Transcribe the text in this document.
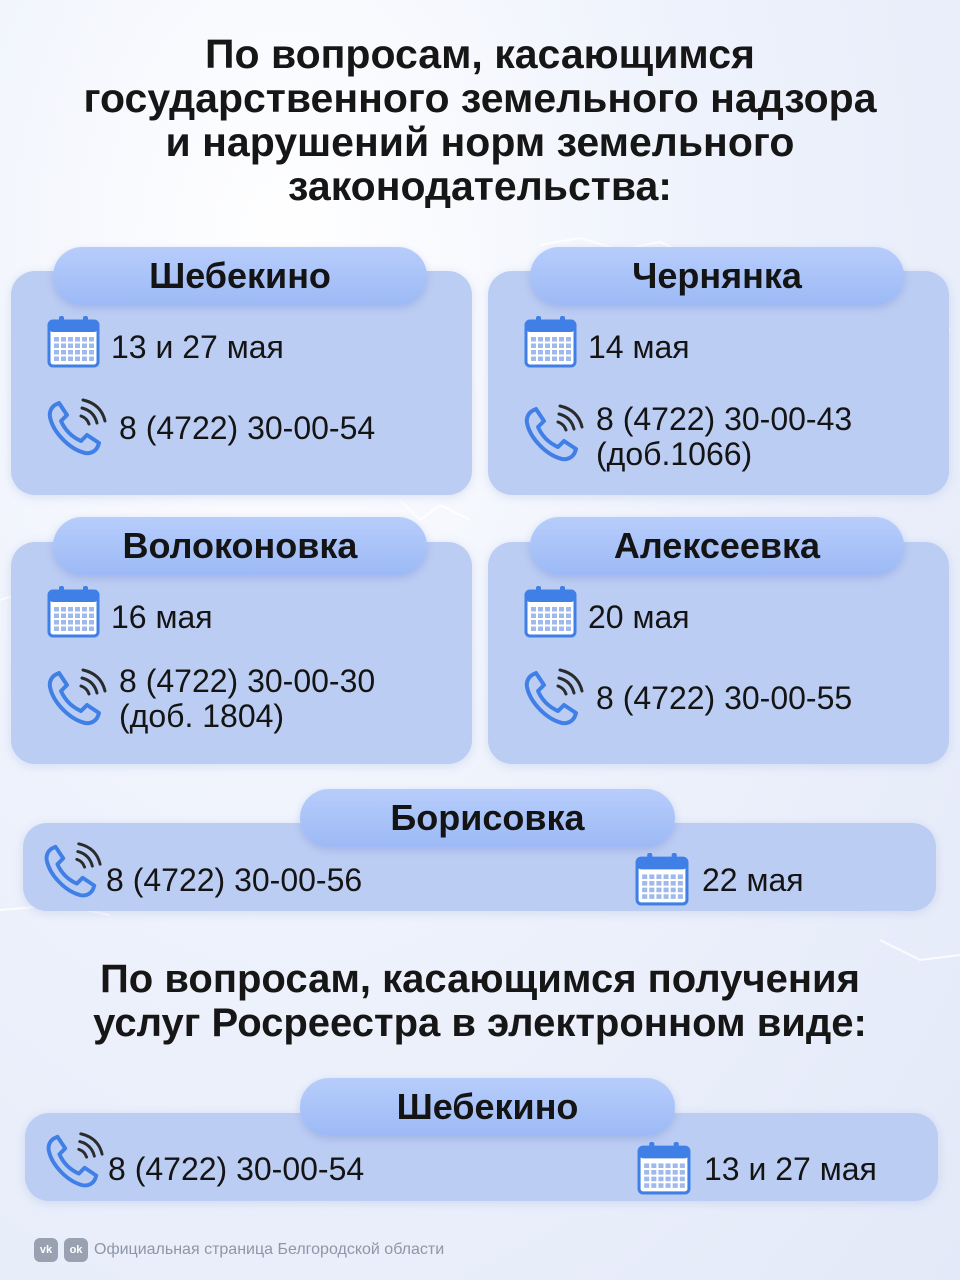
По вопросам, касающимся
государственного земельного надзора
и нарушений норм земельного
законодательства:
Шебекино
13 и 27 мая
8 (4722) 30-00-54
Чернянка
14 мая
8 (4722) 30-00-43
(доб.1066)
Волоконовка
16 мая
8 (4722) 30-00-30
(доб. 1804)
Алексеевка
20 мая
8 (4722) 30-00-55
Борисовка
8 (4722) 30-00-56	22 мая
По вопросам, касающимся получения
услуг Росреестра в электронном виде:
Шебекино
8 (4722) 30-00-54	13 и 27 мая
vk	ok Официальная страница Белгородской области
